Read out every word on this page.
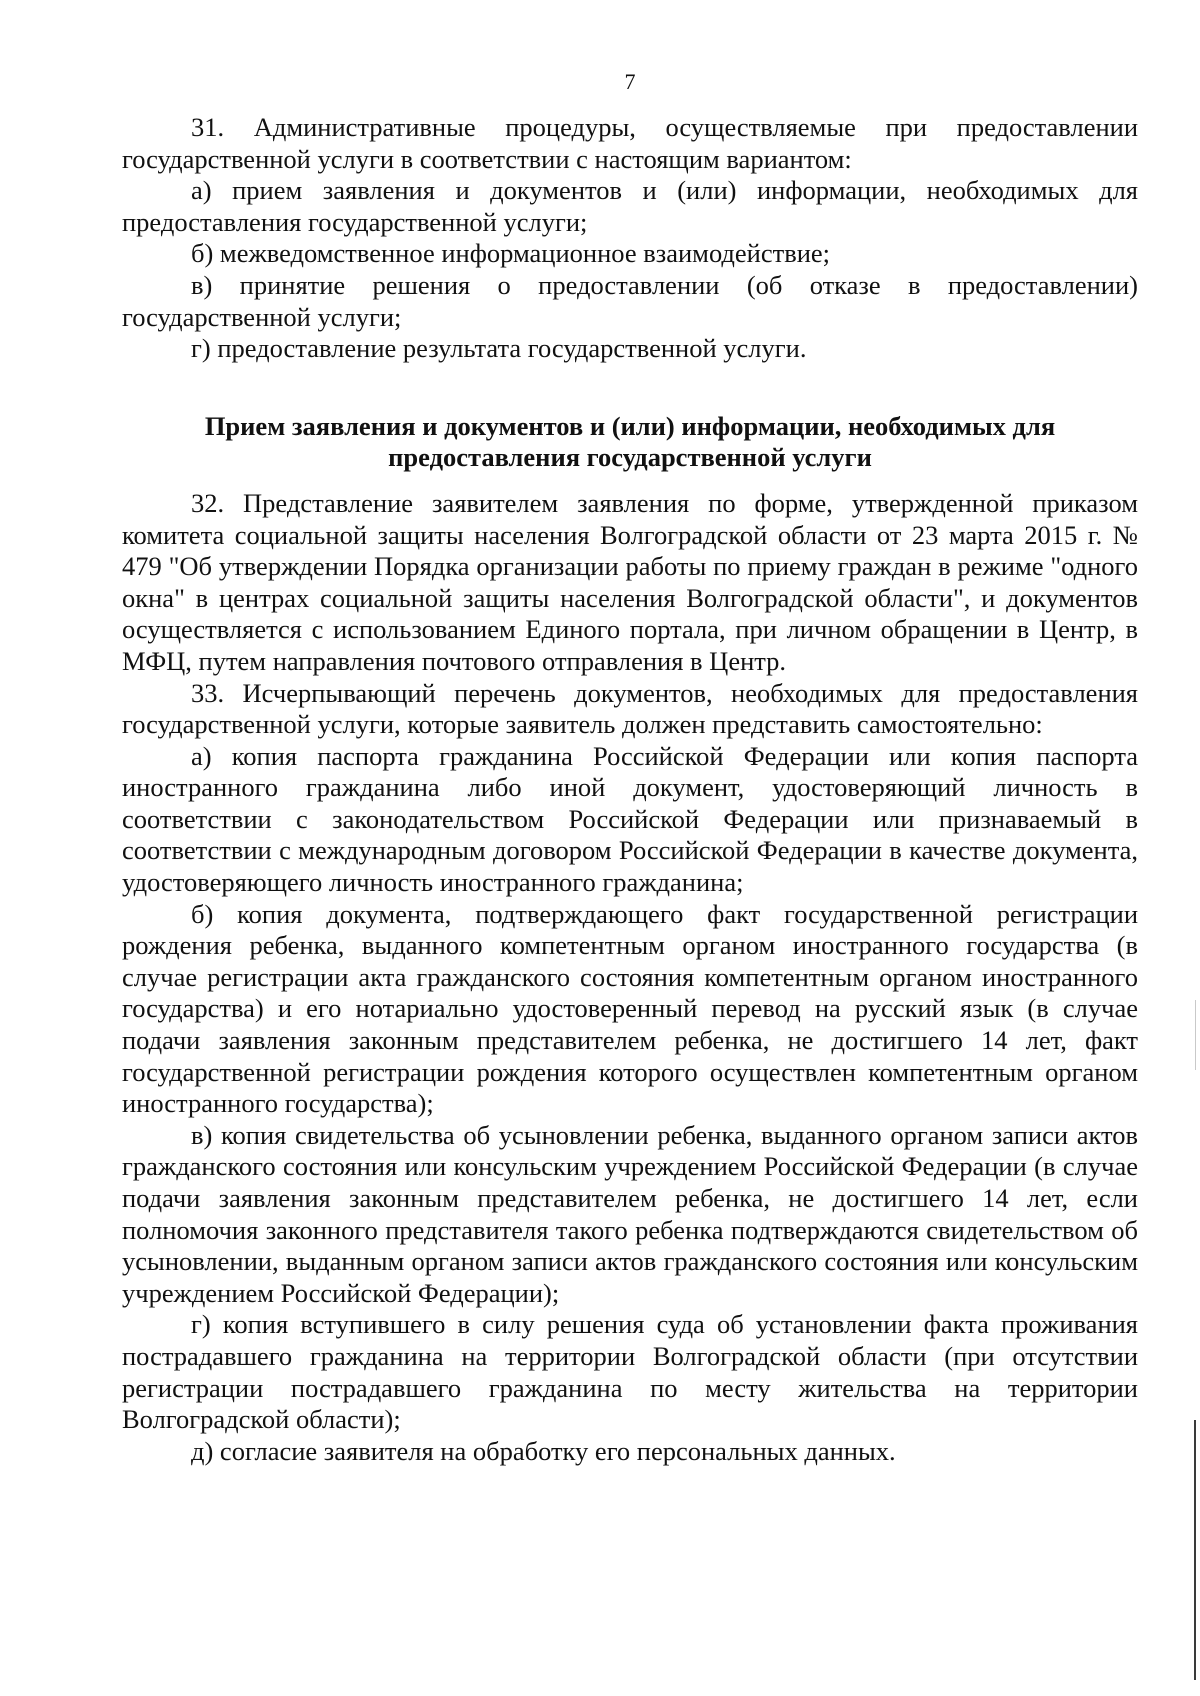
7

31. Административные процедуры, осуществляемые при предоставлении государственной услуги в соответствии с настоящим вариантом:

а) прием заявления и документов и (или) информации, необходимых для предоставления государственной услуги;

б) межведомственное информационное взаимодействие;

в) принятие решения о предоставлении (об отказе в предоставлении) государственной услуги;

г) предоставление результата государственной услуги.

Прием заявления и документов и (или) информации, необходимых для
предоставления государственной услуги

32. Представление заявителем заявления по форме, утвержденной приказом комитета социальной защиты населения Волгоградской области от 23 марта 2015 г. № 479 "Об утверждении Порядка организации работы по приему граждан в режиме "одного окна" в центрах социальной защиты населения Волгоградской области", и документов осуществляется с использованием Единого портала, при личном обращении в Центр, в МФЦ, путем направления почтового отправления в Центр.

33. Исчерпывающий перечень документов, необходимых для предоставления государственной услуги, которые заявитель должен представить самостоятельно:

а) копия паспорта гражданина Российской Федерации или копия паспорта иностранного гражданина либо иной документ, удостоверяющий личность в соответствии с законодательством Российской Федерации или признаваемый в соответствии с международным договором Российской Федерации в качестве документа, удостоверяющего личность иностранного гражданина;

б) копия документа, подтверждающего факт государственной регистрации рождения ребенка, выданного компетентным органом иностранного государства (в случае регистрации акта гражданского состояния компетентным органом иностранного государства) и его нотариально удостоверенный перевод на русский язык (в случае подачи заявления законным представителем ребенка, не достигшего 14 лет, факт государственной регистрации рождения которого осуществлен компетентным органом иностранного государства);

в) копия свидетельства об усыновлении ребенка, выданного органом записи актов гражданского состояния или консульским учреждением Российской Федерации (в случае подачи заявления законным представителем ребенка, не достигшего 14 лет, если полномочия законного представителя такого ребенка подтверждаются свидетельством об усыновлении, выданным органом записи актов гражданского состояния или консульским учреждением Российской Федерации);

г) копия вступившего в силу решения суда об установлении факта проживания пострадавшего гражданина на территории Волгоградской области (при отсутствии регистрации пострадавшего гражданина по месту жительства на территории Волгоградской области);

д) согласие заявителя на обработку его персональных данных.
